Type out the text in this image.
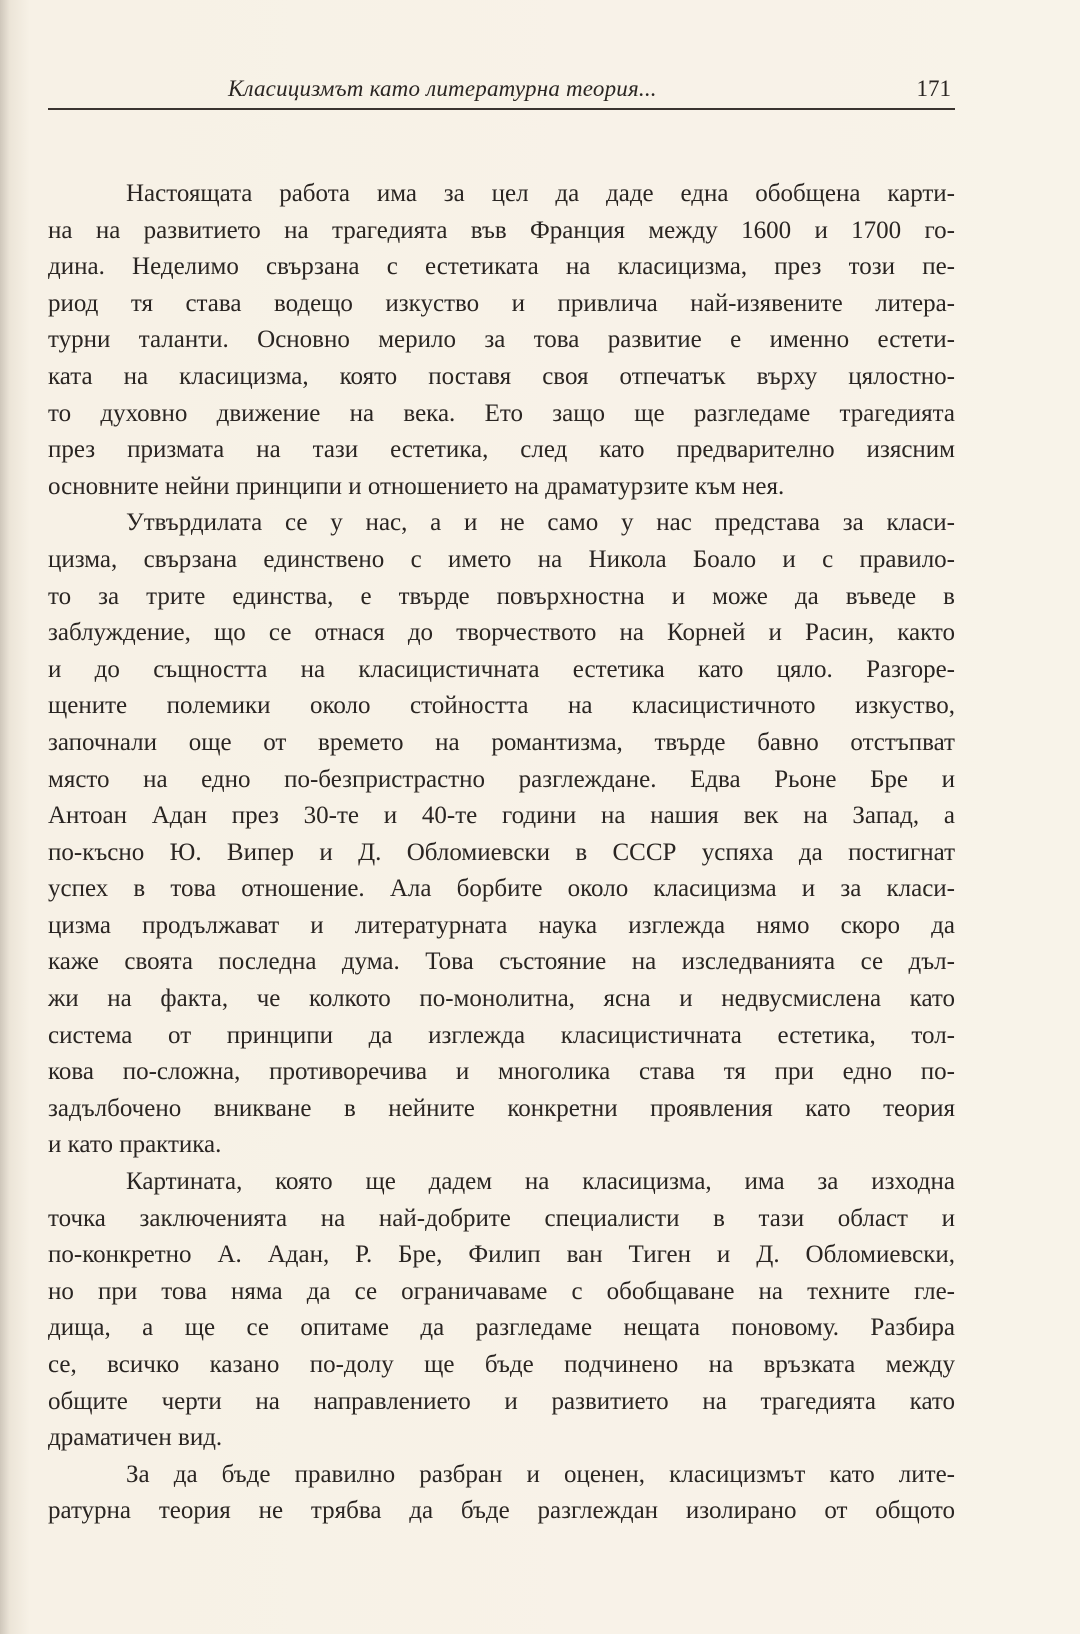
Класицизмът като литературна теория...	171
Настоящата работа има за цел да даде една обобщена карти-
на на развитието на трагедията във Франция между 1600 и 1700 го-
дина. Неделимо свързана с естетиката на класицизма, през този пе-
риод тя става водещо изкуство и привлича най-изявените литера-
турни таланти. Основно мерило за това развитие е именно естети-
ката на класицизма, която поставя своя отпечатък върху цялостно-
то духовно движение на века. Ето защо ще разгледаме трагедията
през призмата на тази естетика, след като предварително изясним
основните нейни принципи и отношението на драматурзите към нея.
Утвърдилата се у нас, а и не само у нас представа за класи-
цизма, свързана единствено с името на Никола Боало и с правило-
то за трите единства, е твърде повърхностна и може да въведе в
заблуждение, що се отнася до творчеството на Корней и Расин, както
и до същността на класицистичната естетика като цяло. Разгоре-
щените полемики около стойността на класицистичното изкуство,
започнали още от времето на романтизма, твърде бавно отстъпват
място на едно по-безпристрастно разглеждане. Едва Рьоне Бре и
Антоан Адан през 30-те и 40-те години на нашия век на Запад, а
по-късно Ю. Випер и Д. Обломиевски в СССР успяха да постигнат
успех в това отношение. Ала борбите около класицизма и за класи-
цизма продължават и литературната наука изглежда нямо скоро да
каже своята последна дума. Това състояние на изследванията се дъл-
жи на факта, че колкото по-монолитна, ясна и недвусмислена като
система от принципи да изглежда класицистичната естетика, тол-
кова по-сложна, противоречива и многолика става тя при едно по-
задълбочено вникване в нейните конкретни проявления като теория
и като практика.
Картината, която ще дадем на класицизма, има за изходна
точка заключенията на най-добрите специалисти в тази област и
по-конкретно А. Адан, Р. Бре, Филип ван Тиген и Д. Обломиевски,
но при това няма да се ограничаваме с обобщаване на техните гле-
дища, а ще се опитаме да разгледаме нещата поновому. Разбира
се, всичко казано по-долу ще бъде подчинено на връзката между
общите черти на направлението и развитието на трагедията като
драматичен вид.
За да бъде правилно разбран и оценен, класицизмът като лите-
ратурна теория не трябва да бъде разглеждан изолирано от общото
